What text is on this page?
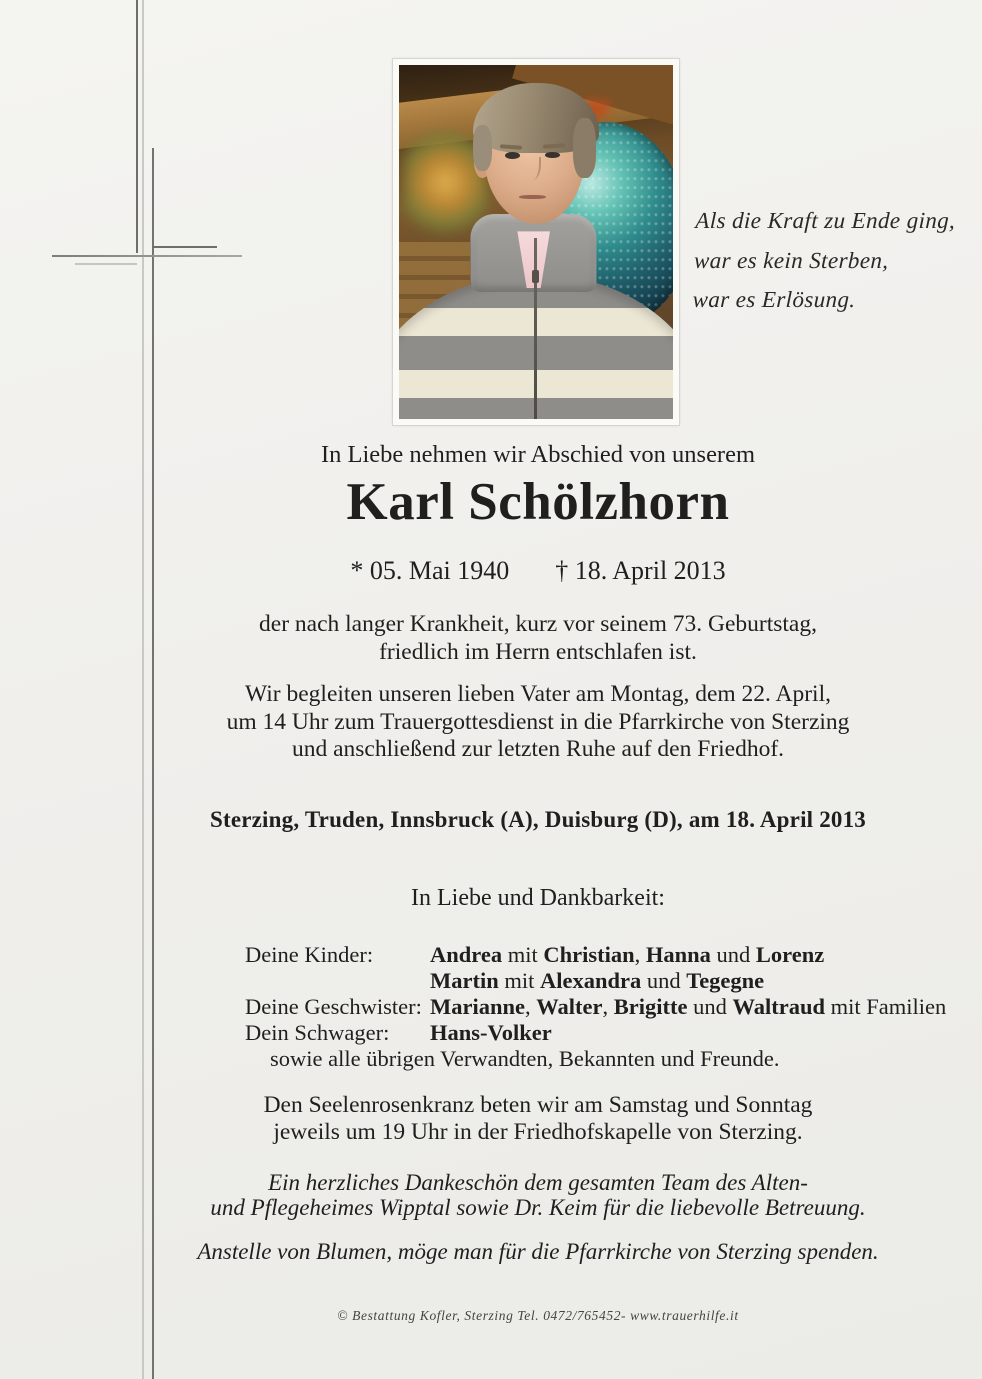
Als die Kraft zu Ende ging,
war es kein Sterben,
war es Erlösung.
In Liebe nehmen wir Abschied von unserem
Karl Schölzhorn
* 05. Mai 1940 † 18. April 2013
der nach langer Krankheit, kurz vor seinem 73. Geburtstag,
friedlich im Herrn entschlafen ist.
Wir begleiten unseren lieben Vater am Montag, dem 22. April,
um 14 Uhr zum Trauergottesdienst in die Pfarrkirche von Sterzing
und anschließend zur letzten Ruhe auf den Friedhof.
Sterzing, Truden, Innsbruck (A), Duisburg (D), am 18. April 2013
In Liebe und Dankbarkeit:
Deine Kinder:	Andrea mit Christian, Hanna und Lorenz
Martin mit Alexandra und Tegegne
Deine Geschwister: Marianne, Walter, Brigitte und Waltraud mit Familien
Dein Schwager:	Hans-Volker
sowie alle übrigen Verwandten, Bekannten und Freunde.
Den Seelenrosenkranz beten wir am Samstag und Sonntag
jeweils um 19 Uhr in der Friedhofskapelle von Sterzing.
Ein herzliches Dankeschön dem gesamten Team des Alten-
und Pflegeheimes Wipptal sowie Dr. Keim für die liebevolle Betreuung.
Anstelle von Blumen, möge man für die Pfarrkirche von Sterzing spenden.
© Bestattung Kofler, Sterzing Tel. 0472/765452- www.trauerhilfe.it
